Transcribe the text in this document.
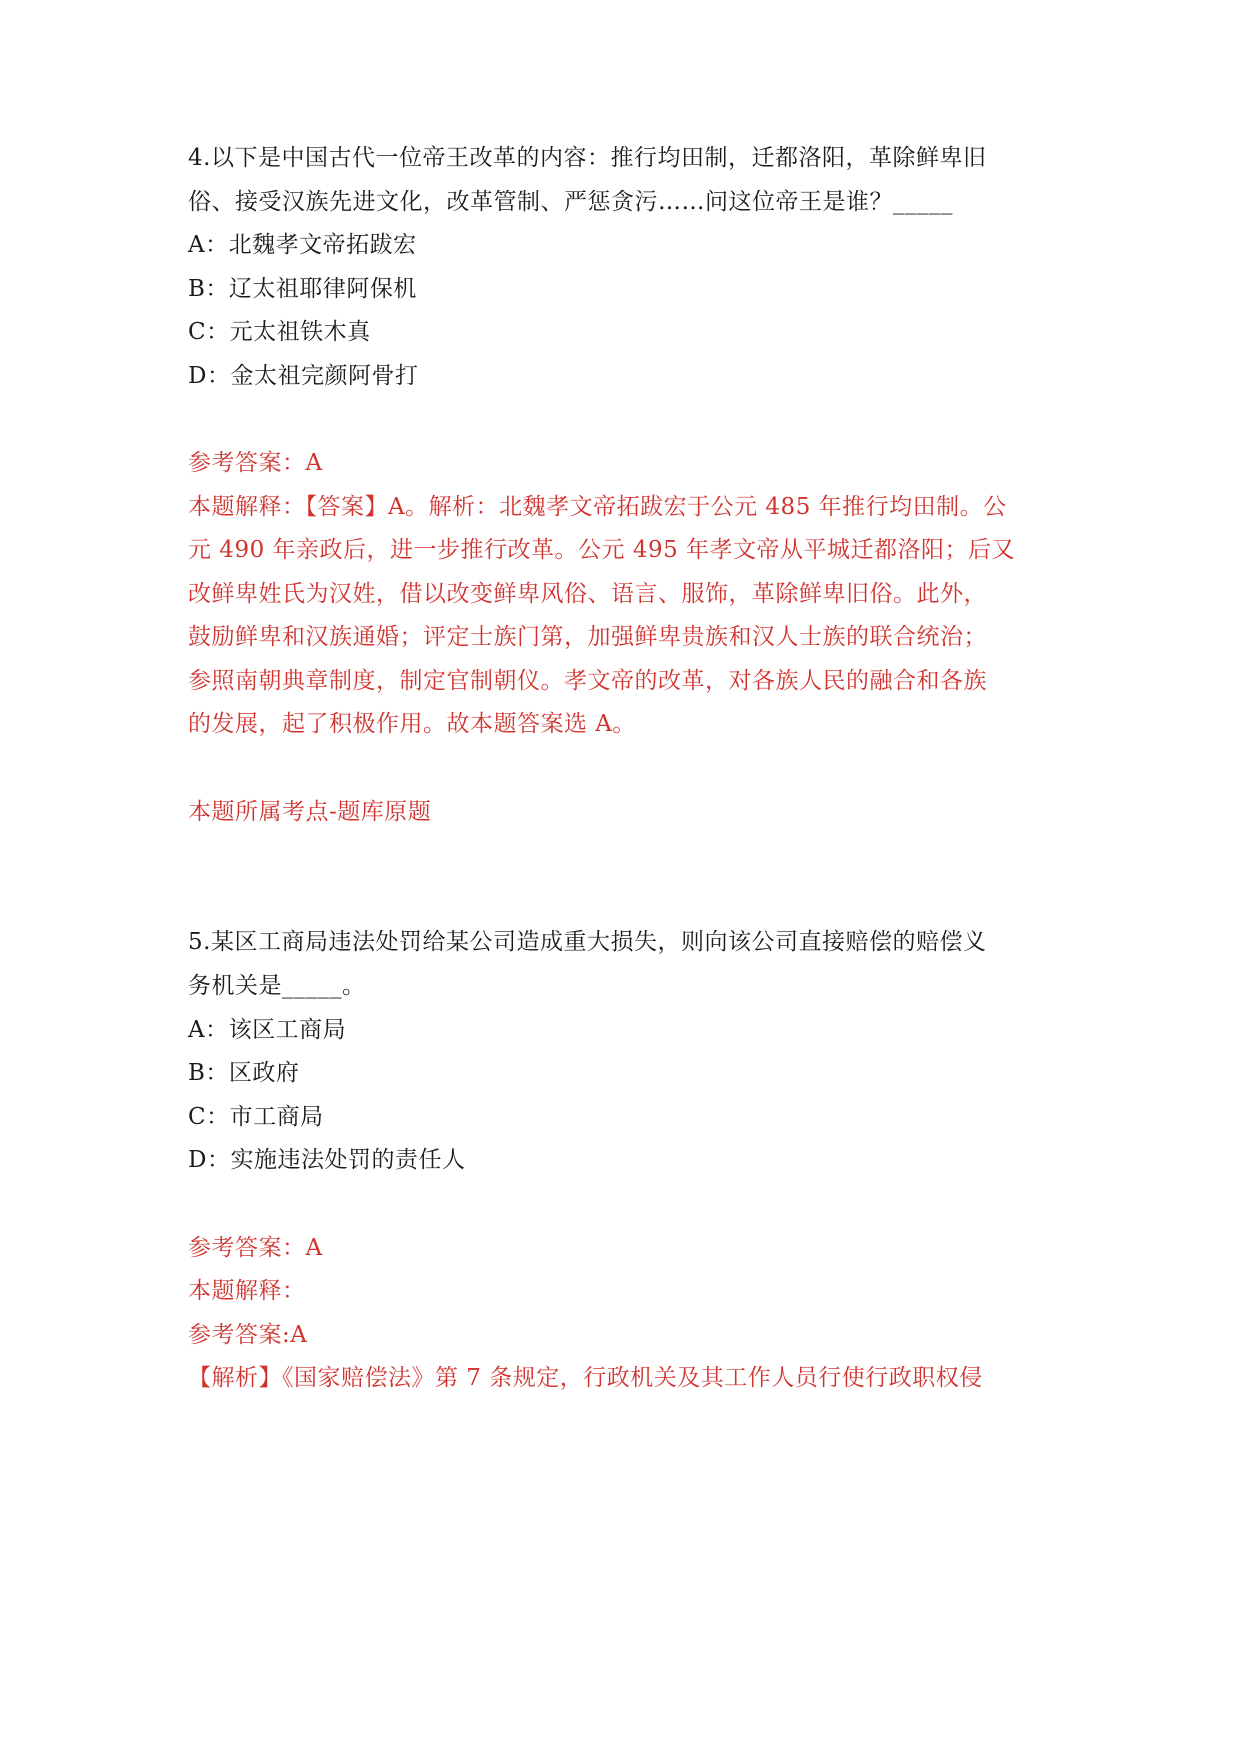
4.以下是中国古代一位帝王改革的内容：推行均田制，迁都洛阳，革除鲜卑旧
俗、接受汉族先进文化，改革管制、严惩贪污……问这位帝王是谁？_____
A：北魏孝文帝拓跋宏
B：辽太祖耶律阿保机
C：元太祖铁木真
D：金太祖完颜阿骨打
参考答案：A
本题解释：【答案】A。解析：北魏孝文帝拓跋宏于公元 485 年推行均田制。公
元 490 年亲政后，进一步推行改革。公元 495 年孝文帝从平城迁都洛阳；后又
改鲜卑姓氏为汉姓，借以改变鲜卑风俗、语言、服饰，革除鲜卑旧俗。此外，
鼓励鲜卑和汉族通婚；评定士族门第，加强鲜卑贵族和汉人士族的联合统治；
参照南朝典章制度，制定官制朝仪。孝文帝的改革，对各族人民的融合和各族
的发展，起了积极作用。故本题答案选 A。
本题所属考点-题库原题
5.某区工商局违法处罚给某公司造成重大损失，则向该公司直接赔偿的赔偿义
务机关是_____。
A：该区工商局
B：区政府
C：市工商局
D：实施违法处罚的责任人
参考答案：A
本题解释：
参考答案:A
【解析】《国家赔偿法》第 7 条规定，行政机关及其工作人员行使行政职权侵
